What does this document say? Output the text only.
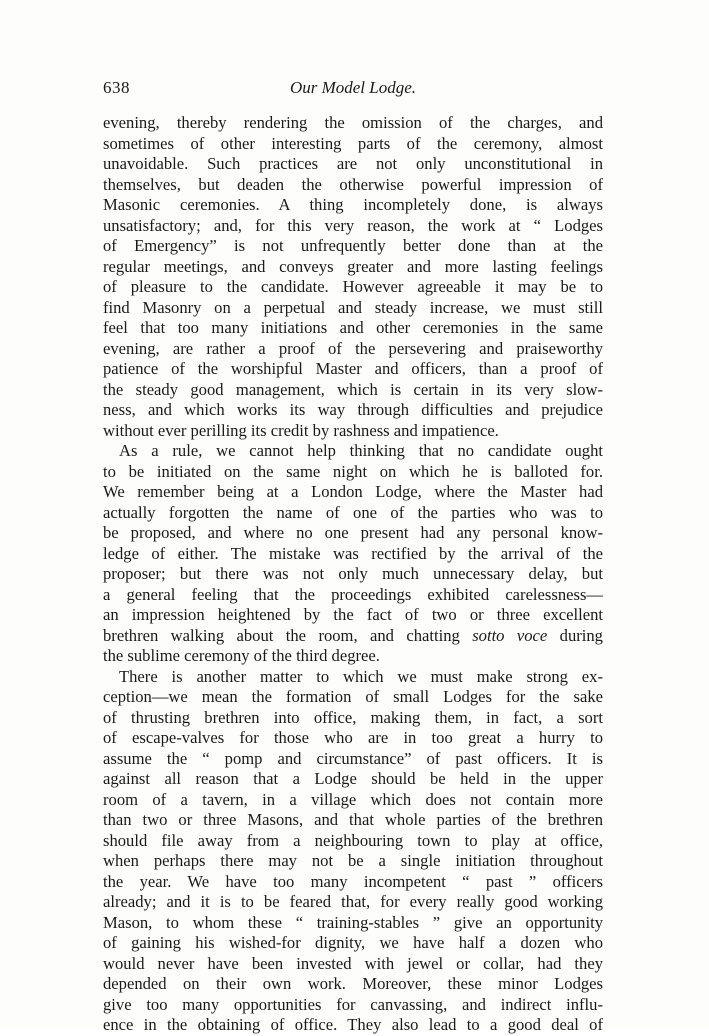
638	Our Model Lodge.
evening, thereby rendering the omission of the charges, and
sometimes of other interesting parts of the ceremony, almost
unavoidable. Such practices are not only unconstitutional in
themselves, but deaden the otherwise powerful impression of
Masonic ceremonies. A thing incompletely done, is always
unsatisfactory; and, for this very reason, the work at “ Lodges
of Emergency” is not unfrequently better done than at the
regular meetings, and conveys greater and more lasting feelings
of pleasure to the candidate. However agreeable it may be to
find Masonry on a perpetual and steady increase, we must still
feel that too many initiations and other ceremonies in the same
evening, are rather a proof of the persevering and praiseworthy
patience of the worshipful Master and officers, than a proof of
the steady good management, which is certain in its very slow-
ness, and which works its way through difficulties and prejudice
without ever perilling its credit by rashness and impatience.
As a rule, we cannot help thinking that no candidate ought
to be initiated on the same night on which he is balloted for.
We remember being at a London Lodge, where the Master had
actually forgotten the name of one of the parties who was to
be proposed, and where no one present had any personal know-
ledge of either. The mistake was rectified by the arrival of the
proposer; but there was not only much unnecessary delay, but
a general feeling that the proceedings exhibited carelessness—
an impression heightened by the fact of two or three excellent
brethren walking about the room, and chatting sotto voce during
the sublime ceremony of the third degree.
There is another matter to which we must make strong ex-
ception—we mean the formation of small Lodges for the sake
of thrusting brethren into office, making them, in fact, a sort
of escape-valves for those who are in too great a hurry to
assume the “ pomp and circumstance” of past officers. It is
against all reason that a Lodge should be held in the upper
room of a tavern, in a village which does not contain more
than two or three Masons, and that whole parties of the brethren
should file away from a neighbouring town to play at office,
when perhaps there may not be a single initiation throughout
the year. We have too many incompetent “ past ” officers
already; and it is to be feared that, for every really good working
Mason, to whom these “ training-stables ” give an opportunity
of gaining his wished-for dignity, we have half a dozen who
would never have been invested with jewel or collar, had they
depended on their own work. Moreover, these minor Lodges
give too many opportunities for canvassing, and indirect influ-
ence in the obtaining of office. They also lead to a good deal of
